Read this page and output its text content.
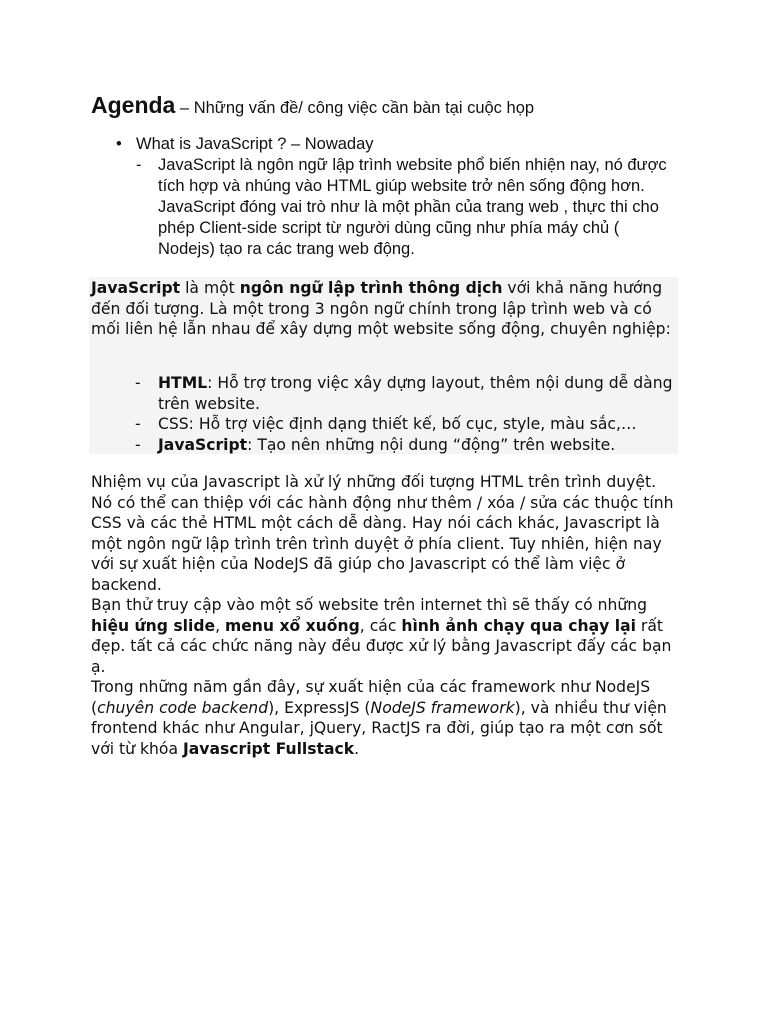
Agenda – Những vấn đề/ công việc cần bàn tại cuộc họp
• What is JavaScript ? – Nowaday
- JavaScript là ngôn ngữ lập trình website phổ biến nhiện nay, nó được tích hợp và nhúng vào HTML giúp website trở nên sống động hơn. JavaScript đóng vai trò như là một phần của trang web , thực thi cho phép Client-side script từ người dùng cũng như phía máy chủ ( Nodejs) tạo ra các trang web động.

JavaScript là một ngôn ngữ lập trình thông dịch với khả năng hướng đến đối tượng. Là một trong 3 ngôn ngữ chính trong lập trình web và có mối liên hệ lẫn nhau để xây dựng một website sống động, chuyên nghiệp:

- HTML: Hỗ trợ trong việc xây dựng layout, thêm nội dung dễ dàng trên website.
- CSS: Hỗ trợ việc định dạng thiết kế, bố cục, style, màu sắc,…
- JavaScript: Tạo nên những nội dung “động” trên website.

Nhiệm vụ của Javascript là xử lý những đối tượng HTML trên trình duyệt. Nó có thể can thiệp với các hành động như thêm / xóa / sửa các thuộc tính CSS và các thẻ HTML một cách dễ dàng. Hay nói cách khác, Javascript là một ngôn ngữ lập trình trên trình duyệt ở phía client. Tuy nhiên, hiện nay với sự xuất hiện của NodeJS đã giúp cho Javascript có thể làm việc ở backend.

Bạn thử truy cập vào một số website trên internet thì sẽ thấy có những hiệu ứng slide, menu xổ xuống, các hình ảnh chạy qua chạy lại rất đẹp. tất cả các chức năng này đều được xử lý bằng Javascript đấy các bạn ạ.

Trong những năm gần đây, sự xuất hiện của các framework như NodeJS (chuyên code backend), ExpressJS (NodeJS framework), và nhiều thư viện frontend khác như Angular, jQuery, RactJS ra đời, giúp tạo ra một cơn sốt với từ khóa Javascript Fullstack.
